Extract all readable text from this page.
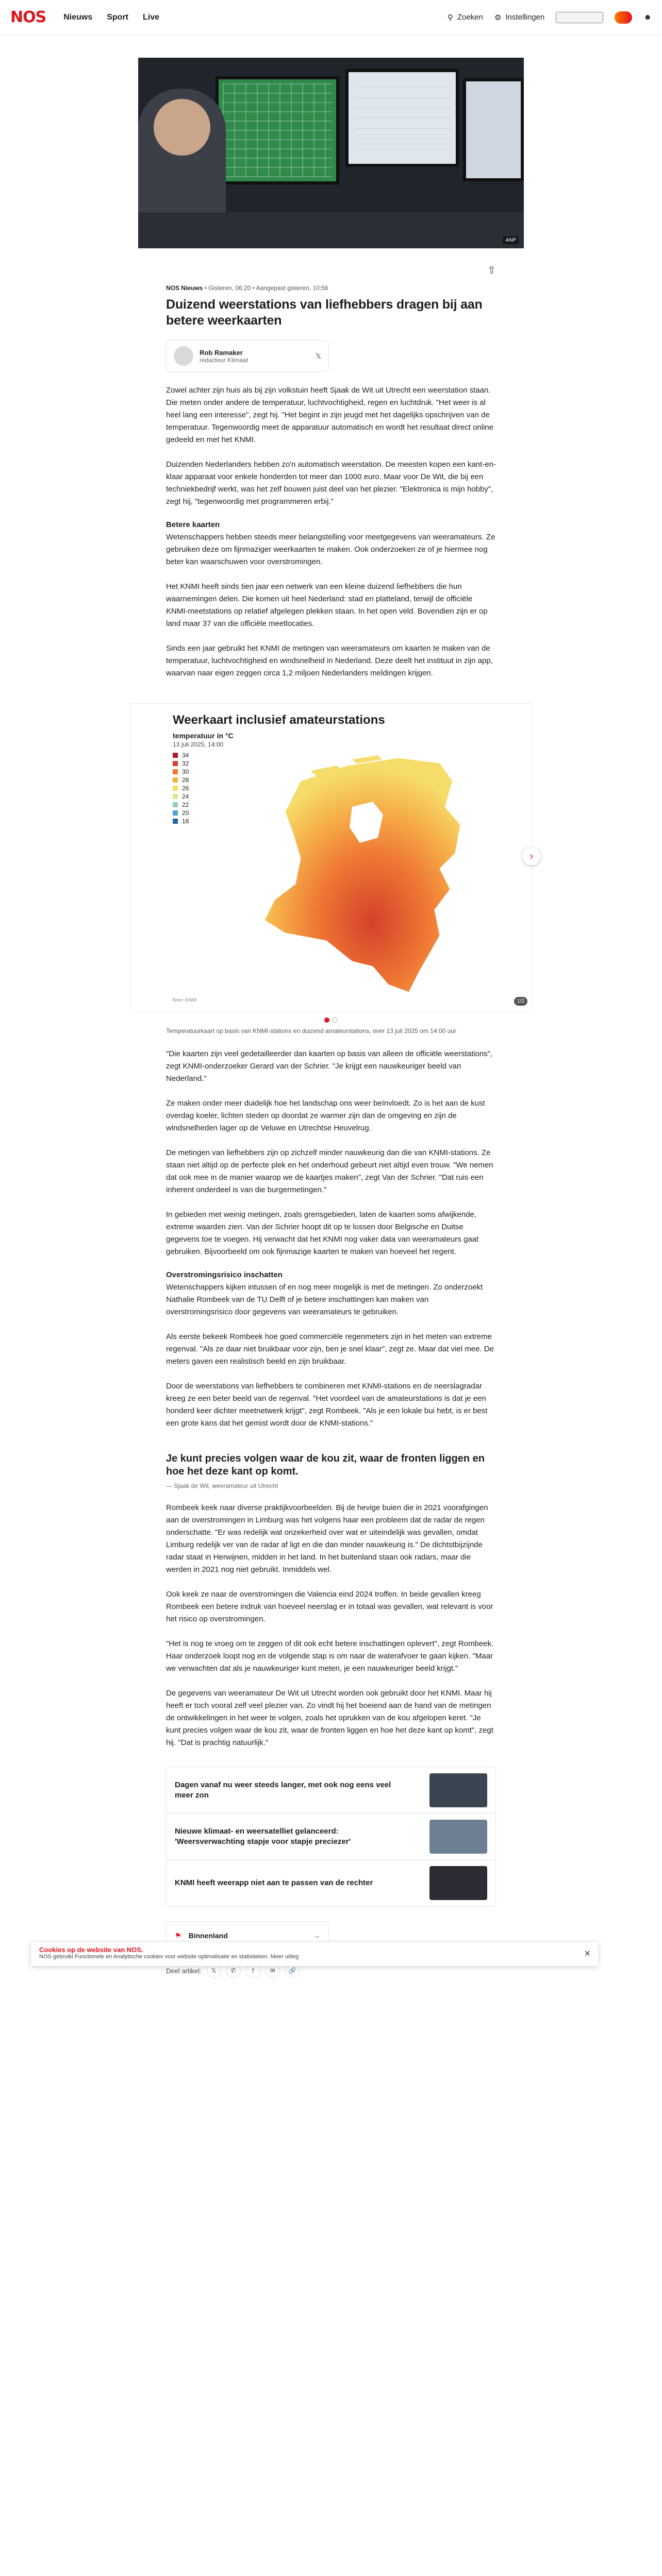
NOS Nieuws Sport Live	⚲ Zoeken ⚙ Instellingen	☻
ANP
⇧
NOS Nieuws • Gisteren, 06:20 • Aangepast gisteren, 10:56
Duizend weerstations van liefhebbers dragen bij aan betere weerkaarten
Rob Ramaker
redacteur Klimaat	𝕏

Zowel achter zijn huis als bij zijn volkstuin heeft Sjaak de Wit uit Utrecht een weerstation staan. Die meten onder andere de temperatuur, luchtvochtigheid, regen en luchtdruk. "Het weer is al heel lang een interesse", zegt hij. "Het begint in zijn jeugd met het dagelijks opschrijven van de temperatuur. Tegenwoordig meet de apparatuur automatisch en wordt het resultaat direct online gedeeld en met het KNMI.

Duizenden Nederlanders hebben zo'n automatisch weerstation. De meesten kopen een kant-en-klaar apparaat voor enkele honderden tot meer dan 1000 euro. Maar voor De Wit, die bij een techniekbedrijf werkt, was het zelf bouwen juist deel van het plezier. "Elektronica is mijn hobby", zegt hij, "tegenwoordig met programmeren erbij."

Betere kaarten

Wetenschappers hebben steeds meer belangstelling voor meetgegevens van weeramateurs. Ze gebruiken deze om fijnmaziger weerkaarten te maken. Ook onderzoeken ze of je hiermee nog beter kan waarschuwen voor overstromingen.

Het KNMI heeft sinds tien jaar een netwerk van een kleine duizend liefhebbers die hun waarnemingen delen. Die komen uit heel Nederland: stad en platteland, terwijl de officiële KNMI-meetstations op relatief afgelegen plekken staan. In het open veld. Bovendien zijn er op land maar 37 van die officiële meetlocaties.

Sinds een jaar gebruikt het KNMI de metingen van weeramateurs om kaarten te maken van de temperatuur, luchtvochtigheid en windsnelheid in Nederland. Deze deelt het instituut in zijn app, waarvan naar eigen zeggen circa 1,2 miljoen Nederlanders meldingen krijgen.

Weerkaart inclusief amateurstations
temperatuur in °C
13 juli 2025, 14:00
34
32
30
28
26
24
22
20
18
›
Bron: KNMI	1/2
Temperatuurkaart op basis van KNMI-stations en duizend amateurstations, over 13 juli 2025 om 14:00 uur

"Die kaarten zijn veel gedetailleerder dan kaarten op basis van alleen de officiële weerstations", zegt KNMI-onderzoeker Gerard van der Schrier. "Je krijgt een nauwkeuriger beeld van Nederland."

Ze maken onder meer duidelijk hoe het landschap ons weer beïnvloedt. Zo is het aan de kust overdag koeler, lichten steden op doordat ze warmer zijn dan de omgeving en zijn de windsnelheden lager op de Veluwe en Utrechtse Heuvelrug.

De metingen van liefhebbers zijn op zichzelf minder nauwkeurig dan die van KNMI-stations. Ze staan niet altijd op de perfecte plek en het onderhoud gebeurt niet altijd even trouw. "We nemen dat ook mee in de manier waarop we de kaartjes maken", zegt Van der Schrier. "Dat ruis een inherent onderdeel is van die burgermetingen."

In gebieden met weinig metingen, zoals grensgebieden, laten de kaarten soms afwijkende, extreme waarden zien. Van der Schrier hoopt dit op te lossen door Belgische en Duitse gegevens toe te voegen. Hij verwacht dat het KNMI nog vaker data van weeramateurs gaat gebruiken. Bijvoorbeeld om ook fijnmazige kaarten te maken van hoeveel het regent.

Overstromingsrisico inschatten

Wetenschappers kijken intussen of en nog meer mogelijk is met de metingen. Zo onderzoekt Nathalie Rombeek van de TU Delft of je betere inschattingen kan maken van overstromingsrisico door gegevens van weeramateurs te gebruiken.

Als eerste bekeek Rombeek hoe goed commerciële regenmeters zijn in het meten van extreme regenval. "Als ze daar niet bruikbaar voor zijn, ben je snel klaar", zegt ze. Maar dat viel mee. De meters gaven een realistisch beeld en zijn bruikbaar.

Door de weerstations van liefhebbers te combineren met KNMI-stations en de neerslagradar kreeg ze een beter beeld van de regenval. "Het voordeel van de amateurstations is dat je een honderd keer dichter meetnetwerk krijgt", zegt Rombeek. "Als je een lokale bui hebt, is er best een grote kans dat het gemist wordt door de KNMI-stations."

Je kunt precies volgen waar de kou zit, waar de fronten liggen en hoe het deze kant op komt.
— Sjaak de Wit, weeramateur uit Utrecht

Rombeek keek naar diverse praktijkvoorbeelden. Bij de hevige buien die in 2021 voorafgingen aan de overstromingen in Limburg was het volgens haar een probleem dat de radar de regen onderschatte. "Er was redelijk wat onzekerheid over wat er uiteindelijk was gevallen, omdat Limburg redelijk ver van de radar af ligt en die dan minder nauwkeurig is." De dichtstbijzijnde radar staat in Herwijnen, midden in het land. In het buitenland staan ook radars, maar die werden in 2021 nog niet gebruikt. Inmiddels wel.

Ook keek ze naar de overstromingen die Valencia eind 2024 troffen. In beide gevallen kreeg Rombeek een betere indruk van hoeveel neerslag er in totaal was gevallen, wat relevant is voor het risico op overstromingen.

"Het is nog te vroeg om te zeggen of dit ook echt betere inschattingen oplevert", zegt Rombeek. Haar onderzoek loopt nog en de volgende stap is om naar de waterafvoer te gaan kijken. "Maar we verwachten dat als je nauwkeuriger kunt meten, je een nauwkeuriger beeld krijgt."

De gegevens van weeramateur De Wit uit Utrecht worden ook gebruikt door het KNMI. Maar hij heeft er toch vooral zelf veel plezier van. Zo vindt hij het boeiend aan de hand van de metingen de ontwikkelingen in het weer te volgen, zoals het oprukken van de kou afgelopen keret. "Je kunt precies volgen waar de kou zit, waar de fronten liggen en hoe het deze kant op komt", zegt hij. "Dat is prachtig natuurlijk."

Dagen vanaf nu weer steeds langer, met ook nog eens veel meer zon
Nieuwe klimaat- en weersatelliet gelanceerd: 'Weersverwachting stapje voor stapje preciezer'
KNMI heeft weerapp niet aan te passen van de rechter
⚑ Binnenland	→
Deel artikel:	𝕏	✆	f	✉	🔗
Cookies op de website van NOS.
NOS gebruikt Functionele en Analytische cookies voor website optimalisatie en statistieken. Meer uitleg	✕
